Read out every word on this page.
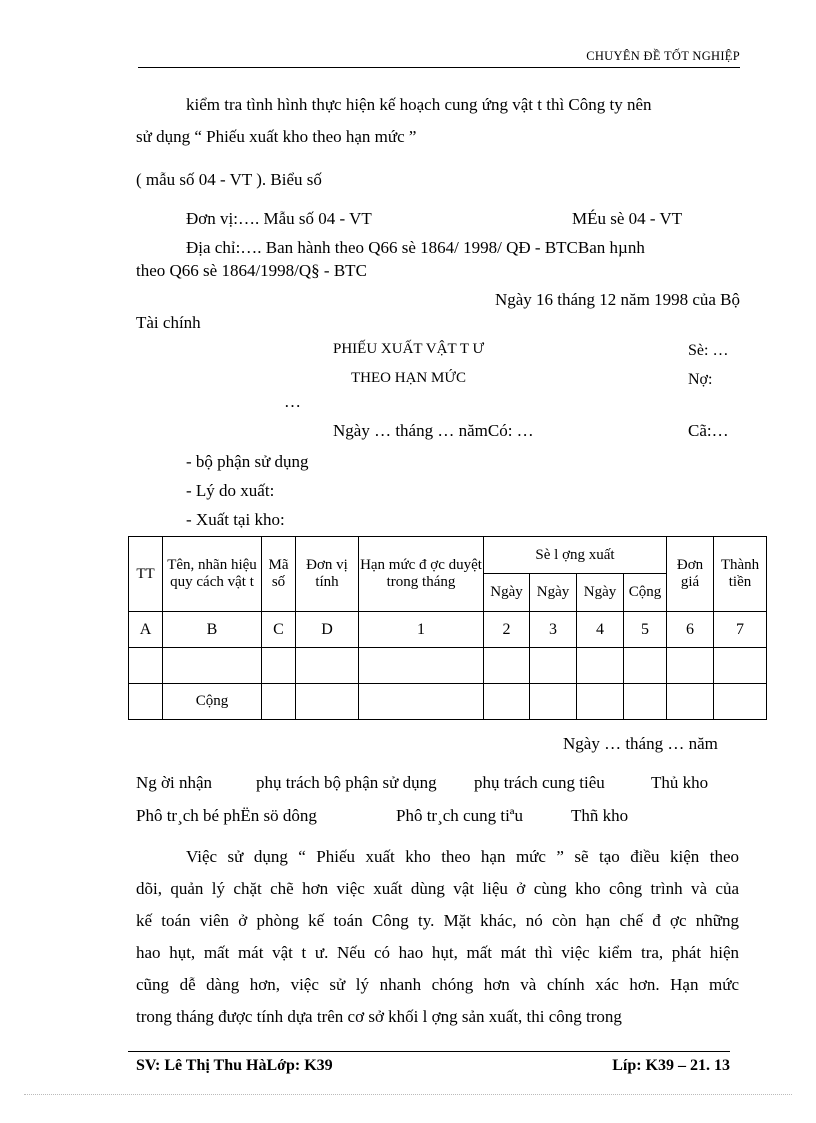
CHUYÊN ĐỀ TỐT NGHIỆP
kiểm tra tình hình thực hiện kế hoạch cung ứng vật t thì Công ty nên
sử dụng “ Phiếu xuất kho theo hạn mức ”
( mẫu số 04 - VT ). Biểu số
Đơn vị:…. Mẫu số 04 - VT	MÉu sè 04 - VT
Địa chỉ:…. Ban hành theo Q66 sè 1864/ 1998/ QĐ - BTCBan hµnh
theo Q66 sè 1864/1998/Q§ - BTC
Ngày 16 tháng 12 năm 1998 của Bộ
Tài chính
PHIẾU XUẤT VẬT T Ư	Sè: …
THEO HẠN MỨC	Nợ:
…
Ngày … tháng … nămCó: …	Cã:…
- bộ phận sử dụng
- Lý do xuất:
- Xuất tại kho:
TT	Tên, nhãn hiệu quy cách vật t	Mã số	Đơn vị tính	Hạn mức đ ợc duyệt trong tháng	Sè l ợng xuất				Đơn giá	Thành tiền
					Ngày	Ngày	Ngày	Cộng		
A	B	C	D	1	2	3	4	5	6	7

	Cộng									
Ngày … tháng … năm
Ng ời nhận	phụ trách bộ phận sử dụng phụ trách cung tiêu	Thủ kho
Phô tr¸ch bé phËn sö dông	Phô tr¸ch cung tiªu	Thñ kho
Việc sử dụng “ Phiếu xuất kho theo hạn mức ” sẽ tạo điều kiện theo
dõi, quản lý chặt chẽ hơn việc xuất dùng vật liệu ở cùng kho công trình và của
kế toán viên ở phòng kế toán Công ty. Mặt khác, nó còn hạn chế đ ợc những
hao hụt, mất mát vật t ư. Nếu có hao hụt, mất mát thì việc kiểm tra, phát hiện
cũng dễ dàng hơn, việc sử lý nhanh chóng hơn và chính xác hơn. Hạn mức
trong tháng được tính dựa trên cơ sở khối l ợng sản xuất, thi công trong
SV: Lê Thị Thu HàLớp: K39	Líp: K39 – 21. 13
